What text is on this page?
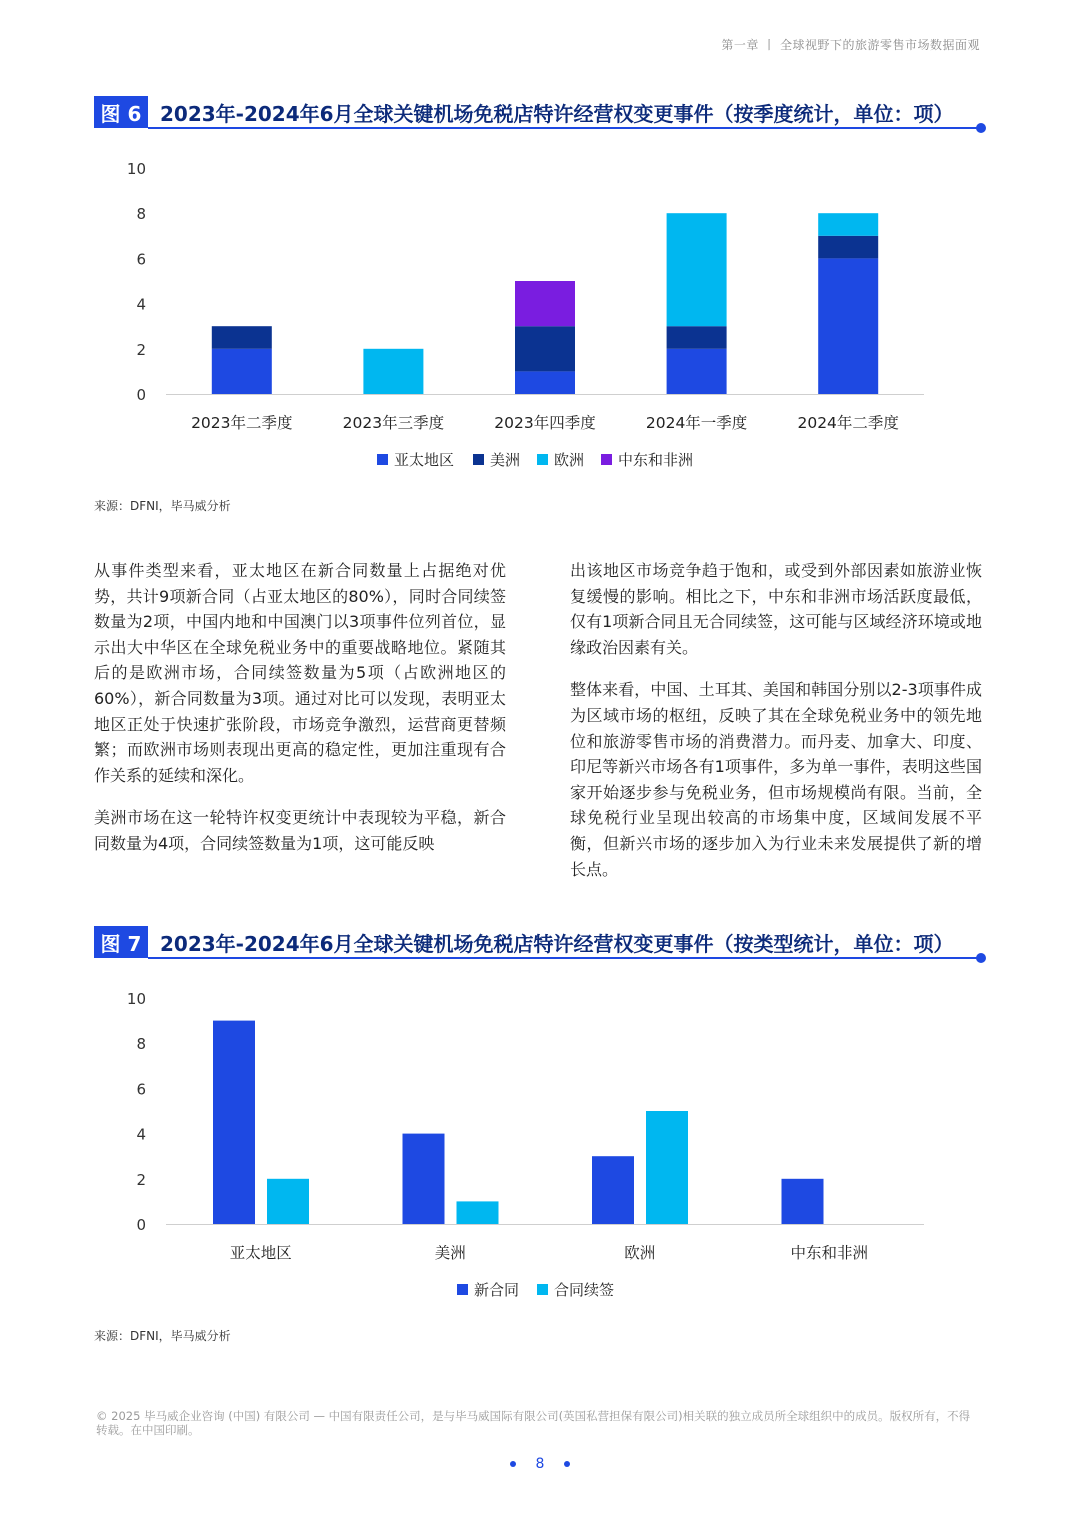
第一章 丨 全球视野下的旅游零售市场数据面观
图 6 2023年-2024年6月全球关键机场免税店特许经营权变更事件（按季度统计，单位：项）
0
2
4
6
8
10
2023年二季度	2023年三季度	2023年四季度	2024年一季度	2024年二季度
亚太地区 美洲 欧洲 中东和非洲
来源：DFNI，毕马威分析

从事件类型来看，亚太地区在新合同数量上占据绝对优势，共计9项新合同（占亚太地区的80%），同时合同续签数量为2项，中国内地和中国澳门以3项事件位列首位，显示出大中华区在全球免税业务中的重要战略地位。紧随其后的是欧洲市场，合同续签数量为5项（占欧洲地区的60%），新合同数量为3项。通过对比可以发现，表明亚太地区正处于快速扩张阶段，市场竞争激烈，运营商更替频繁；而欧洲市场则表现出更高的稳定性，更加注重现有合作关系的延续和深化。

美洲市场在这一轮特许权变更统计中表现较为平稳，新合同数量为4项，合同续签数量为1项，这可能反映

出该地区市场竞争趋于饱和，或受到外部因素如旅游业恢复缓慢的影响。相比之下，中东和非洲市场活跃度最低，仅有1项新合同且无合同续签，这可能与区域经济环境或地缘政治因素有关。

整体来看，中国、土耳其、美国和韩国分别以2-3项事件成为区域市场的枢纽，反映了其在全球免税业务中的领先地位和旅游零售市场的消费潜力。而丹麦、加拿大、印度、印尼等新兴市场各有1项事件，多为单一事件，表明这些国家开始逐步参与免税业务，但市场规模尚有限。当前，全球免税行业呈现出较高的市场集中度，区域间发展不平衡，但新兴市场的逐步加入为行业未来发展提供了新的增长点。

图 7 2023年-2024年6月全球关键机场免税店特许经营权变更事件（按类型统计，单位：项）
0
2
4
6
8
10
亚太地区	美洲	欧洲	中东和非洲
新合同 合同续签
来源：DFNI，毕马威分析
© 2025 毕马威企业咨询 (中国) 有限公司 — 中国有限责任公司，是与毕马威国际有限公司(英国私营担保有限公司)相关联的独立成员所全球组织中的成员。版权所有，不得转载。在中国印刷。
8
